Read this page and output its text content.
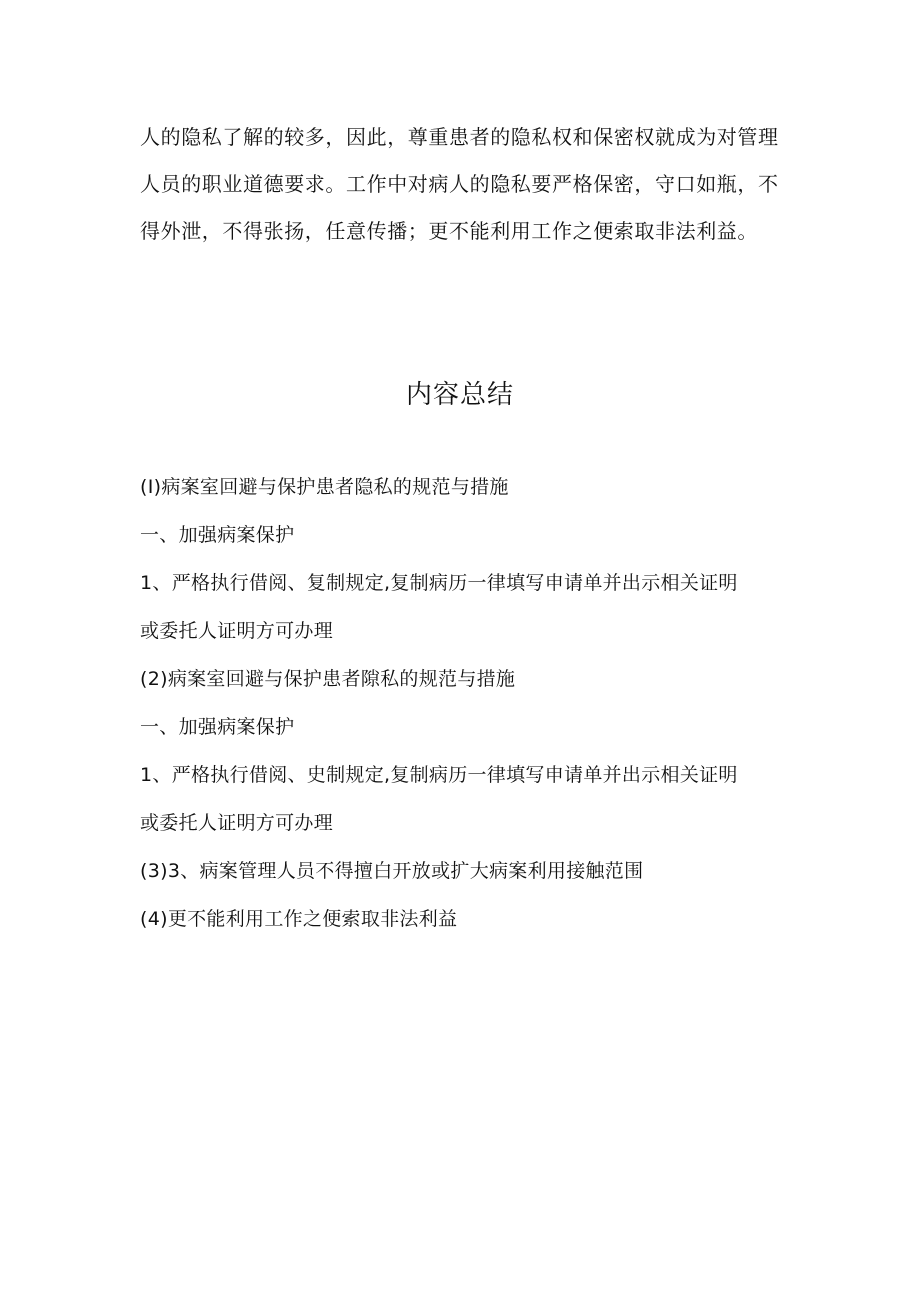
人的隐私了解的较多，因此，尊重患者的隐私权和保密权就成为对管理

人员的职业道德要求。工作中对病人的隐私要严格保密，守口如瓶，不

得外泄，不得张扬，任意传播；更不能利用工作之便索取非法利益。

内容总结

(I)病案室回避与保护患者隐私的规范与措施

一、加强病案保护

1、严格执行借阅、复制规定,复制病历一律填写申请单并出示相关证明

或委托人证明方可办理

(2)病案室回避与保护患者隙私的规范与措施

一、加强病案保护

1、严格执行借阅、史制规定,复制病历一律填写申请单并出示相关证明

或委托人证明方可办理

(3)3、病案管理人员不得擅白开放或扩大病案利用接触范围

(4)更不能利用工作之便索取非法利益
